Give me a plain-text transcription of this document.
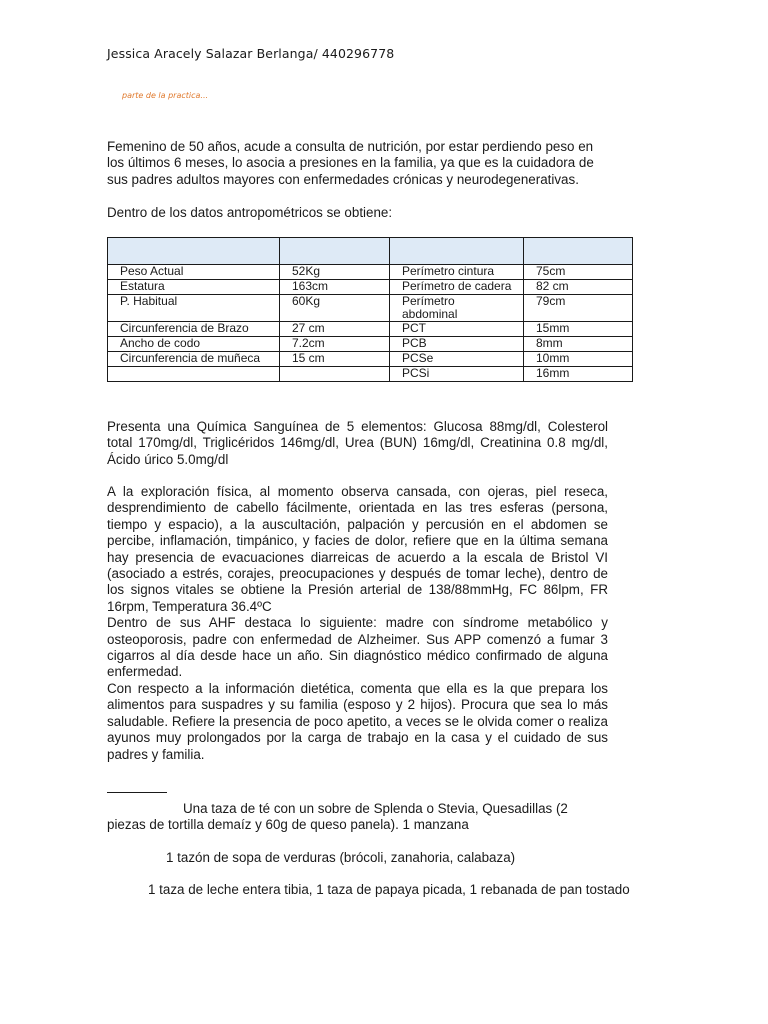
Jessica Aracely Salazar Berlanga/ 440296778
parte de la practica...
Femenino de 50 años, acude a consulta de nutrición, por estar perdiendo peso en los últimos 6 meses, lo asocia a presiones en la familia, ya que es la cuidadora de sus padres adultos mayores con enfermedades crónicas y neurodegenerativas.
Dentro de los datos antropométricos se obtiene:

Peso Actual	52Kg	Perímetro cintura	75cm
Estatura	163cm	Perímetro de cadera	82 cm
P. Habitual	60Kg	Perímetro abdominal	79cm
Circunferencia de Brazo	27 cm	PCT	15mm
Ancho de codo	7.2cm	PCB	8mm
Circunferencia de muñeca	15 cm	PCSe	10mm
		PCSi	16mm
Presenta una Química Sanguínea de 5 elementos: Glucosa 88mg/dl, Colesterol total 170mg/dl, Triglicéridos 146mg/dl, Urea (BUN) 16mg/dl, Creatinina 0.8 mg/dl, Ácido úrico 5.0mg/dl
A la exploración física, al momento observa cansada, con ojeras, piel reseca, desprendimiento de cabello fácilmente, orientada en las tres esferas (persona, tiempo y espacio), a la auscultación, palpación y percusión en el abdomen se percibe, inflamación, timpánico, y facies de dolor, refiere que en la última semana hay presencia de evacuaciones diarreicas de acuerdo a la escala de Bristol VI (asociado a estrés, corajes, preocupaciones y después de tomar leche), dentro de los signos vitales se obtiene la Presión arterial de 138/88mmHg, FC 86lpm, FR 16rpm, Temperatura 36.4ºC
Dentro de sus AHF destaca lo siguiente: madre con síndrome metabólico y osteoporosis, padre con enfermedad de Alzheimer. Sus APP comenzó a fumar 3 cigarros al día desde hace un año. Sin diagnóstico médico confirmado de alguna enfermedad.
Con respecto a la información dietética, comenta que ella es la que prepara los alimentos para suspadres y su familia (esposo y 2 hijos). Procura que sea lo más saludable. Refiere la presencia de poco apetito, a veces se le olvida comer o realiza ayunos muy prolongados por la carga de trabajo en la casa y el cuidado de sus padres y familia.
Una taza de té con un sobre de Splenda o Stevia, Quesadillas (2
piezas de tortilla demaíz y 60g de queso panela). 1 manzana
1 tazón de sopa de verduras (brócoli, zanahoria, calabaza)
1 taza de leche entera tibia, 1 taza de papaya picada, 1 rebanada de pan tostado
